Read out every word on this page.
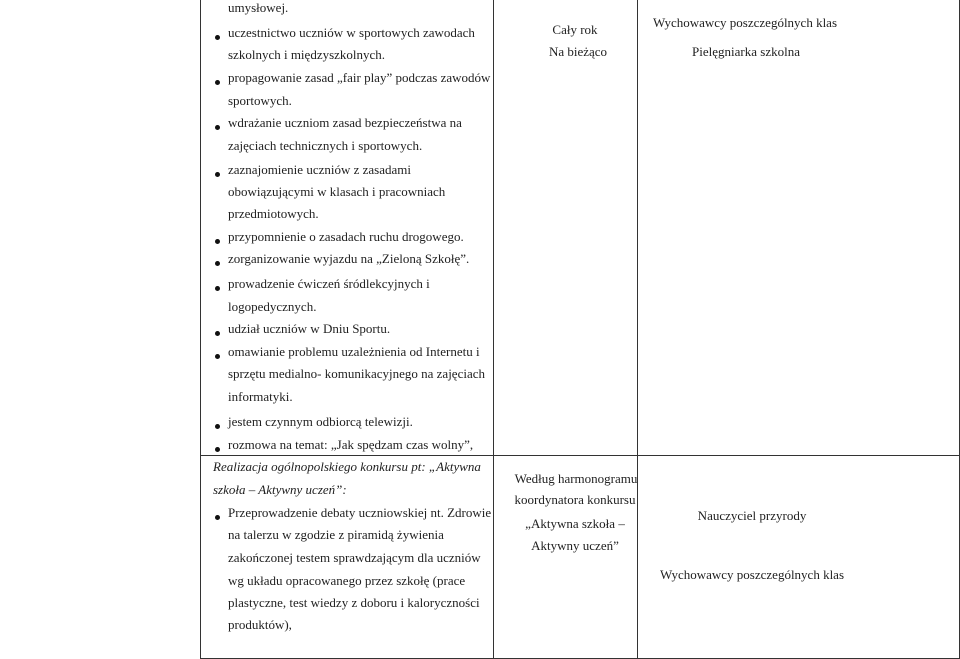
umysłowej.
uczestnictwo uczniów w sportowych zawodach
szkolnych i międzyszkolnych.
propagowanie zasad „fair play” podczas zawodów
sportowych.
wdrażanie uczniom zasad bezpieczeństwa na
zajęciach technicznych i sportowych.
zaznajomienie uczniów z zasadami
obowiązującymi w klasach i pracowniach
przedmiotowych.
przypomnienie o zasadach ruchu drogowego.
zorganizowanie wyjazdu na „Zieloną Szkołę”.
prowadzenie ćwiczeń śródlekcyjnych i
logopedycznych.
udział uczniów w Dniu Sportu.
omawianie problemu uzależnienia od Internetu i
sprzętu medialno- komunikacyjnego na zajęciach
informatyki.
jestem czynnym odbiorcą telewizji.
rozmowa na temat: „Jak spędzam czas wolny”,
Realizacja ogólnopolskiego konkursu pt: „Aktywna
szkoła – Aktywny uczeń”:
Przeprowadzenie debaty uczniowskiej nt. Zdrowie
na talerzu w zgodzie z piramidą żywienia
zakończonej testem sprawdzającym dla uczniów
wg układu opracowanego przez szkołę (prace
plastyczne, test wiedzy z doboru i kaloryczności
produktów),
Cały rok
Na bieżąco
Wychowawcy poszczególnych klas
Pielęgniarka szkolna
Według harmonogramu
koordynatora konkursu
„Aktywna szkoła –
Aktywny uczeń”
Nauczyciel przyrody
Wychowawcy poszczególnych klas
